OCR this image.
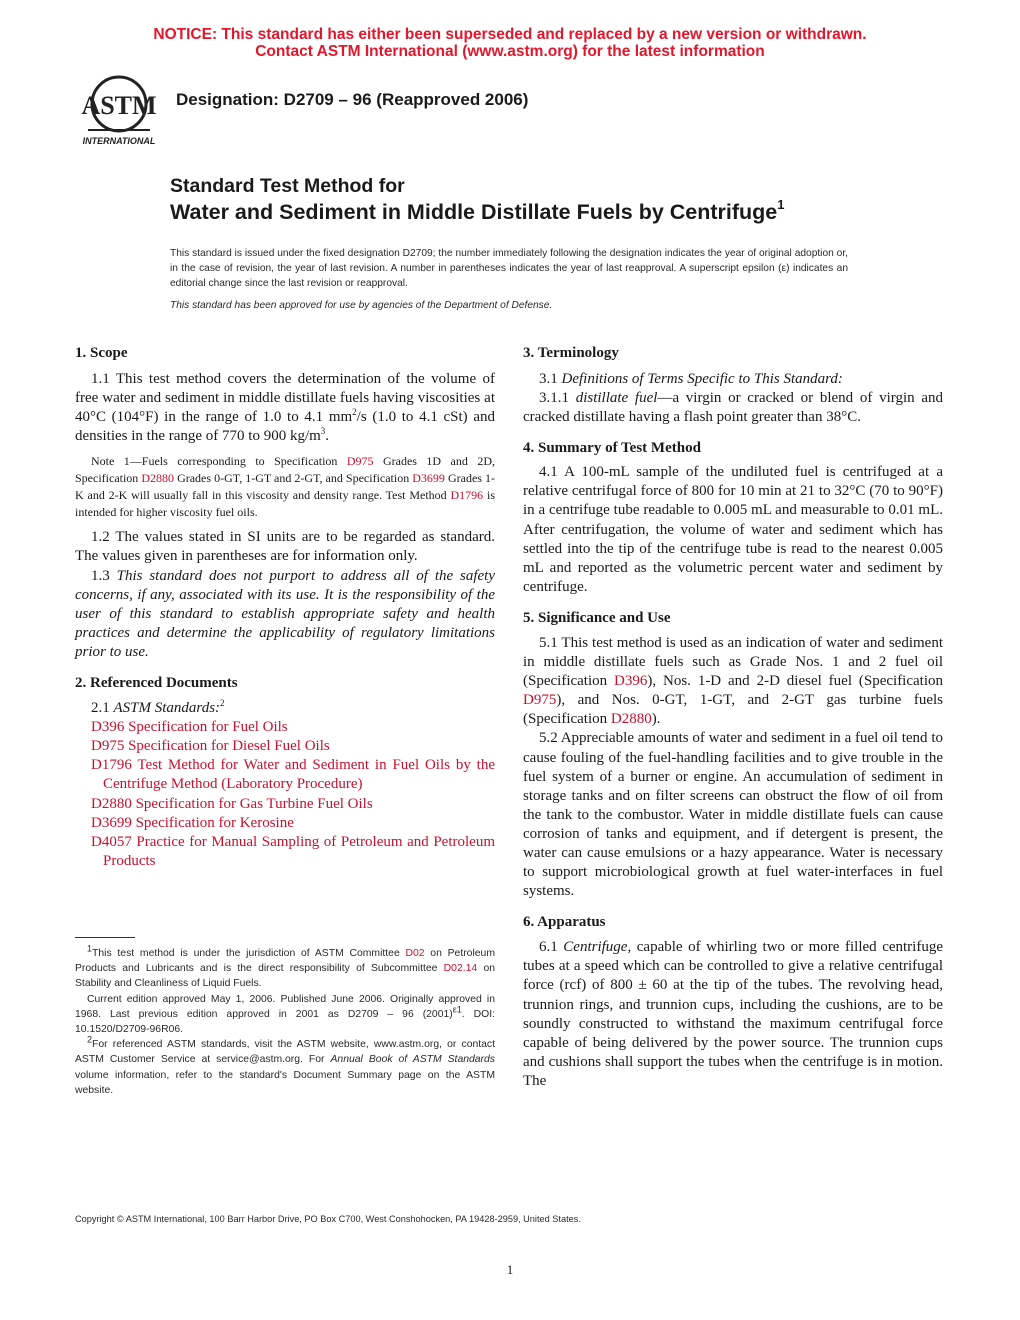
NOTICE: This standard has either been superseded and replaced by a new version or withdrawn.
Contact ASTM International (www.astm.org) for the latest information
ASTM
INTERNATIONAL
Designation: D2709 – 96 (Reapproved 2006)
Standard Test Method for
Water and Sediment in Middle Distillate Fuels by Centrifuge$^1$
This standard is issued under the fixed designation D2709; the number immediately following the designation indicates the year of original adoption or, in the case of revision, the year of last revision. A number in parentheses indicates the year of last reapproval. A superscript epsilon (ε) indicates an editorial change since the last revision or reapproval.
This standard has been approved for use by agencies of the Department of Defense.
1. Scope

1.1 This test method covers the determination of the volume of free water and sediment in middle distillate fuels having viscosities at 40°C (104°F) in the range of 1.0 to 4.1 $mm^2/s$ (1.0 to 4.1 cSt) and densities in the range of 770 to 900 $kg/m^3$.

Note 1—Fuels corresponding to Specification D975 Grades 1D and 2D, Specification D2880 Grades 0-GT, 1-GT and 2-GT, and Specification D3699 Grades 1-K and 2-K will usually fall in this viscosity and density range. Test Method D1796 is intended for higher viscosity fuel oils.

1.2 The values stated in SI units are to be regarded as standard. The values given in parentheses are for information only.

1.3 This standard does not purport to address all of the safety concerns, if any, associated with its use. It is the responsibility of the user of this standard to establish appropriate safety and health practices and determine the applicability of regulatory limitations prior to use.

2. Referenced Documents

2.1 ASTM Standards:$^2$

D396 Specification for Fuel Oils

D975 Specification for Diesel Fuel Oils

D1796 Test Method for Water and Sediment in Fuel Oils by the Centrifuge Method (Laboratory Procedure)

D2880 Specification for Gas Turbine Fuel Oils

D3699 Specification for Kerosine

D4057 Practice for Manual Sampling of Petroleum and Petroleum Products

3. Terminology

3.1 Definitions of Terms Specific to This Standard:

3.1.1 distillate fuel—a virgin or cracked or blend of virgin and cracked distillate having a flash point greater than 38°C.

4. Summary of Test Method

4.1 A 100-mL sample of the undiluted fuel is centrifuged at a relative centrifugal force of 800 for 10 min at 21 to 32°C (70 to 90°F) in a centrifuge tube readable to 0.005 mL and measurable to 0.01 mL. After centrifugation, the volume of water and sediment which has settled into the tip of the centrifuge tube is read to the nearest 0.005 mL and reported as the volumetric percent water and sediment by centrifuge.

5. Significance and Use

5.1 This test method is used as an indication of water and sediment in middle distillate fuels such as Grade Nos. 1 and 2 fuel oil (Specification D396), Nos. 1-D and 2-D diesel fuel (Specification D975), and Nos. 0-GT, 1-GT, and 2-GT gas turbine fuels (Specification D2880).

5.2 Appreciable amounts of water and sediment in a fuel oil tend to cause fouling of the fuel-handling facilities and to give trouble in the fuel system of a burner or engine. An accumulation of sediment in storage tanks and on filter screens can obstruct the flow of oil from the tank to the combustor. Water in middle distillate fuels can cause corrosion of tanks and equipment, and if detergent is present, the water can cause emulsions or a hazy appearance. Water is necessary to support microbiological growth at fuel water-interfaces in fuel systems.

6. Apparatus

6.1 Centrifuge, capable of whirling two or more filled centrifuge tubes at a speed which can be controlled to give a relative centrifugal force (rcf) of 800 ± 60 at the tip of the tubes. The revolving head, trunnion rings, and trunnion cups, including the cushions, are to be soundly constructed to withstand the maximum centrifugal force capable of being delivered by the power source. The trunnion cups and cushions shall support the tubes when the centrifuge is in motion. The

$^1$This test method is under the jurisdiction of ASTM Committee D02 on Petroleum Products and Lubricants and is the direct responsibility of Subcommittee D02.14 on Stability and Cleanliness of Liquid Fuels.

Current edition approved May 1, 2006. Published June 2006. Originally approved in 1968. Last previous edition approved in 2001 as D2709 – 96 $(2001)^{\varepsilon 1}$. DOI: 10.1520/D2709-96R06.

$^2$For referenced ASTM standards, visit the ASTM website, www.astm.org, or contact ASTM Customer Service at service@astm.org. For Annual Book of ASTM Standards volume information, refer to the standard's Document Summary page on the ASTM website.

Copyright © ASTM International, 100 Barr Harbor Drive, PO Box C700, West Conshohocken, PA 19428-2959, United States.
1
